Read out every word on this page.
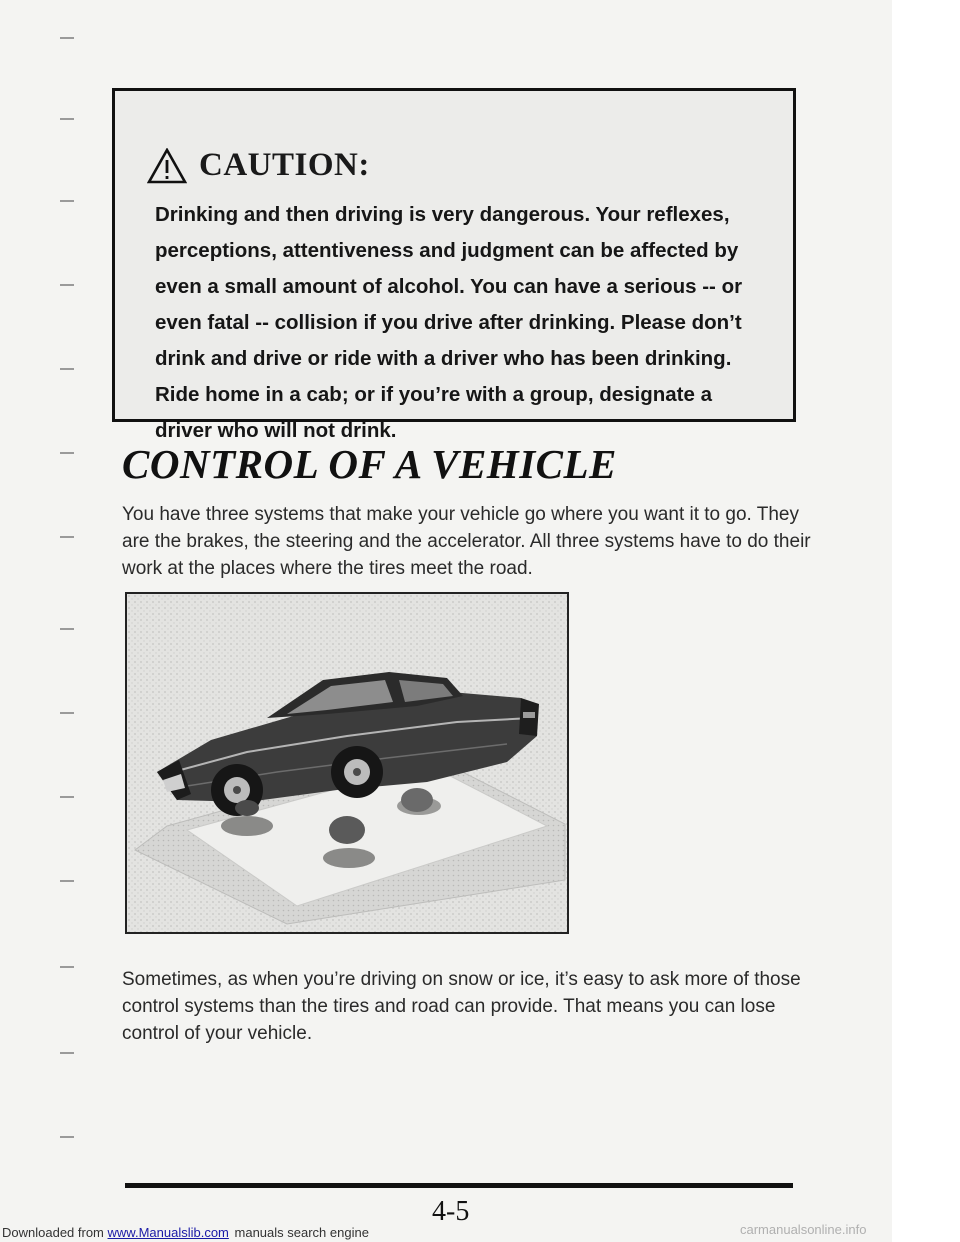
CAUTION:
Drinking and then driving is very dangerous. Your reflexes, perceptions, attentiveness and judgment can be affected by even a small amount of alcohol. You can have a serious -- or even fatal -- collision if you drive after drinking. Please don’t drink and drive or ride with a driver who has been drinking. Ride home in a cab; or if you’re with a group, designate a driver who will not drink.
CONTROL OF A VEHICLE
You have three systems that make your vehicle go where you want it to go. They are the brakes, the steering and the accelerator. All three systems have to do their work at the places where the tires meet the road.
Sometimes, as when you’re driving on snow or ice, it’s easy to ask more of those control systems than the tires and road can provide. That means you can lose control of your vehicle.
4-5
carmanualsonline.info
Downloaded from www.Manualslib.com manuals search engine
